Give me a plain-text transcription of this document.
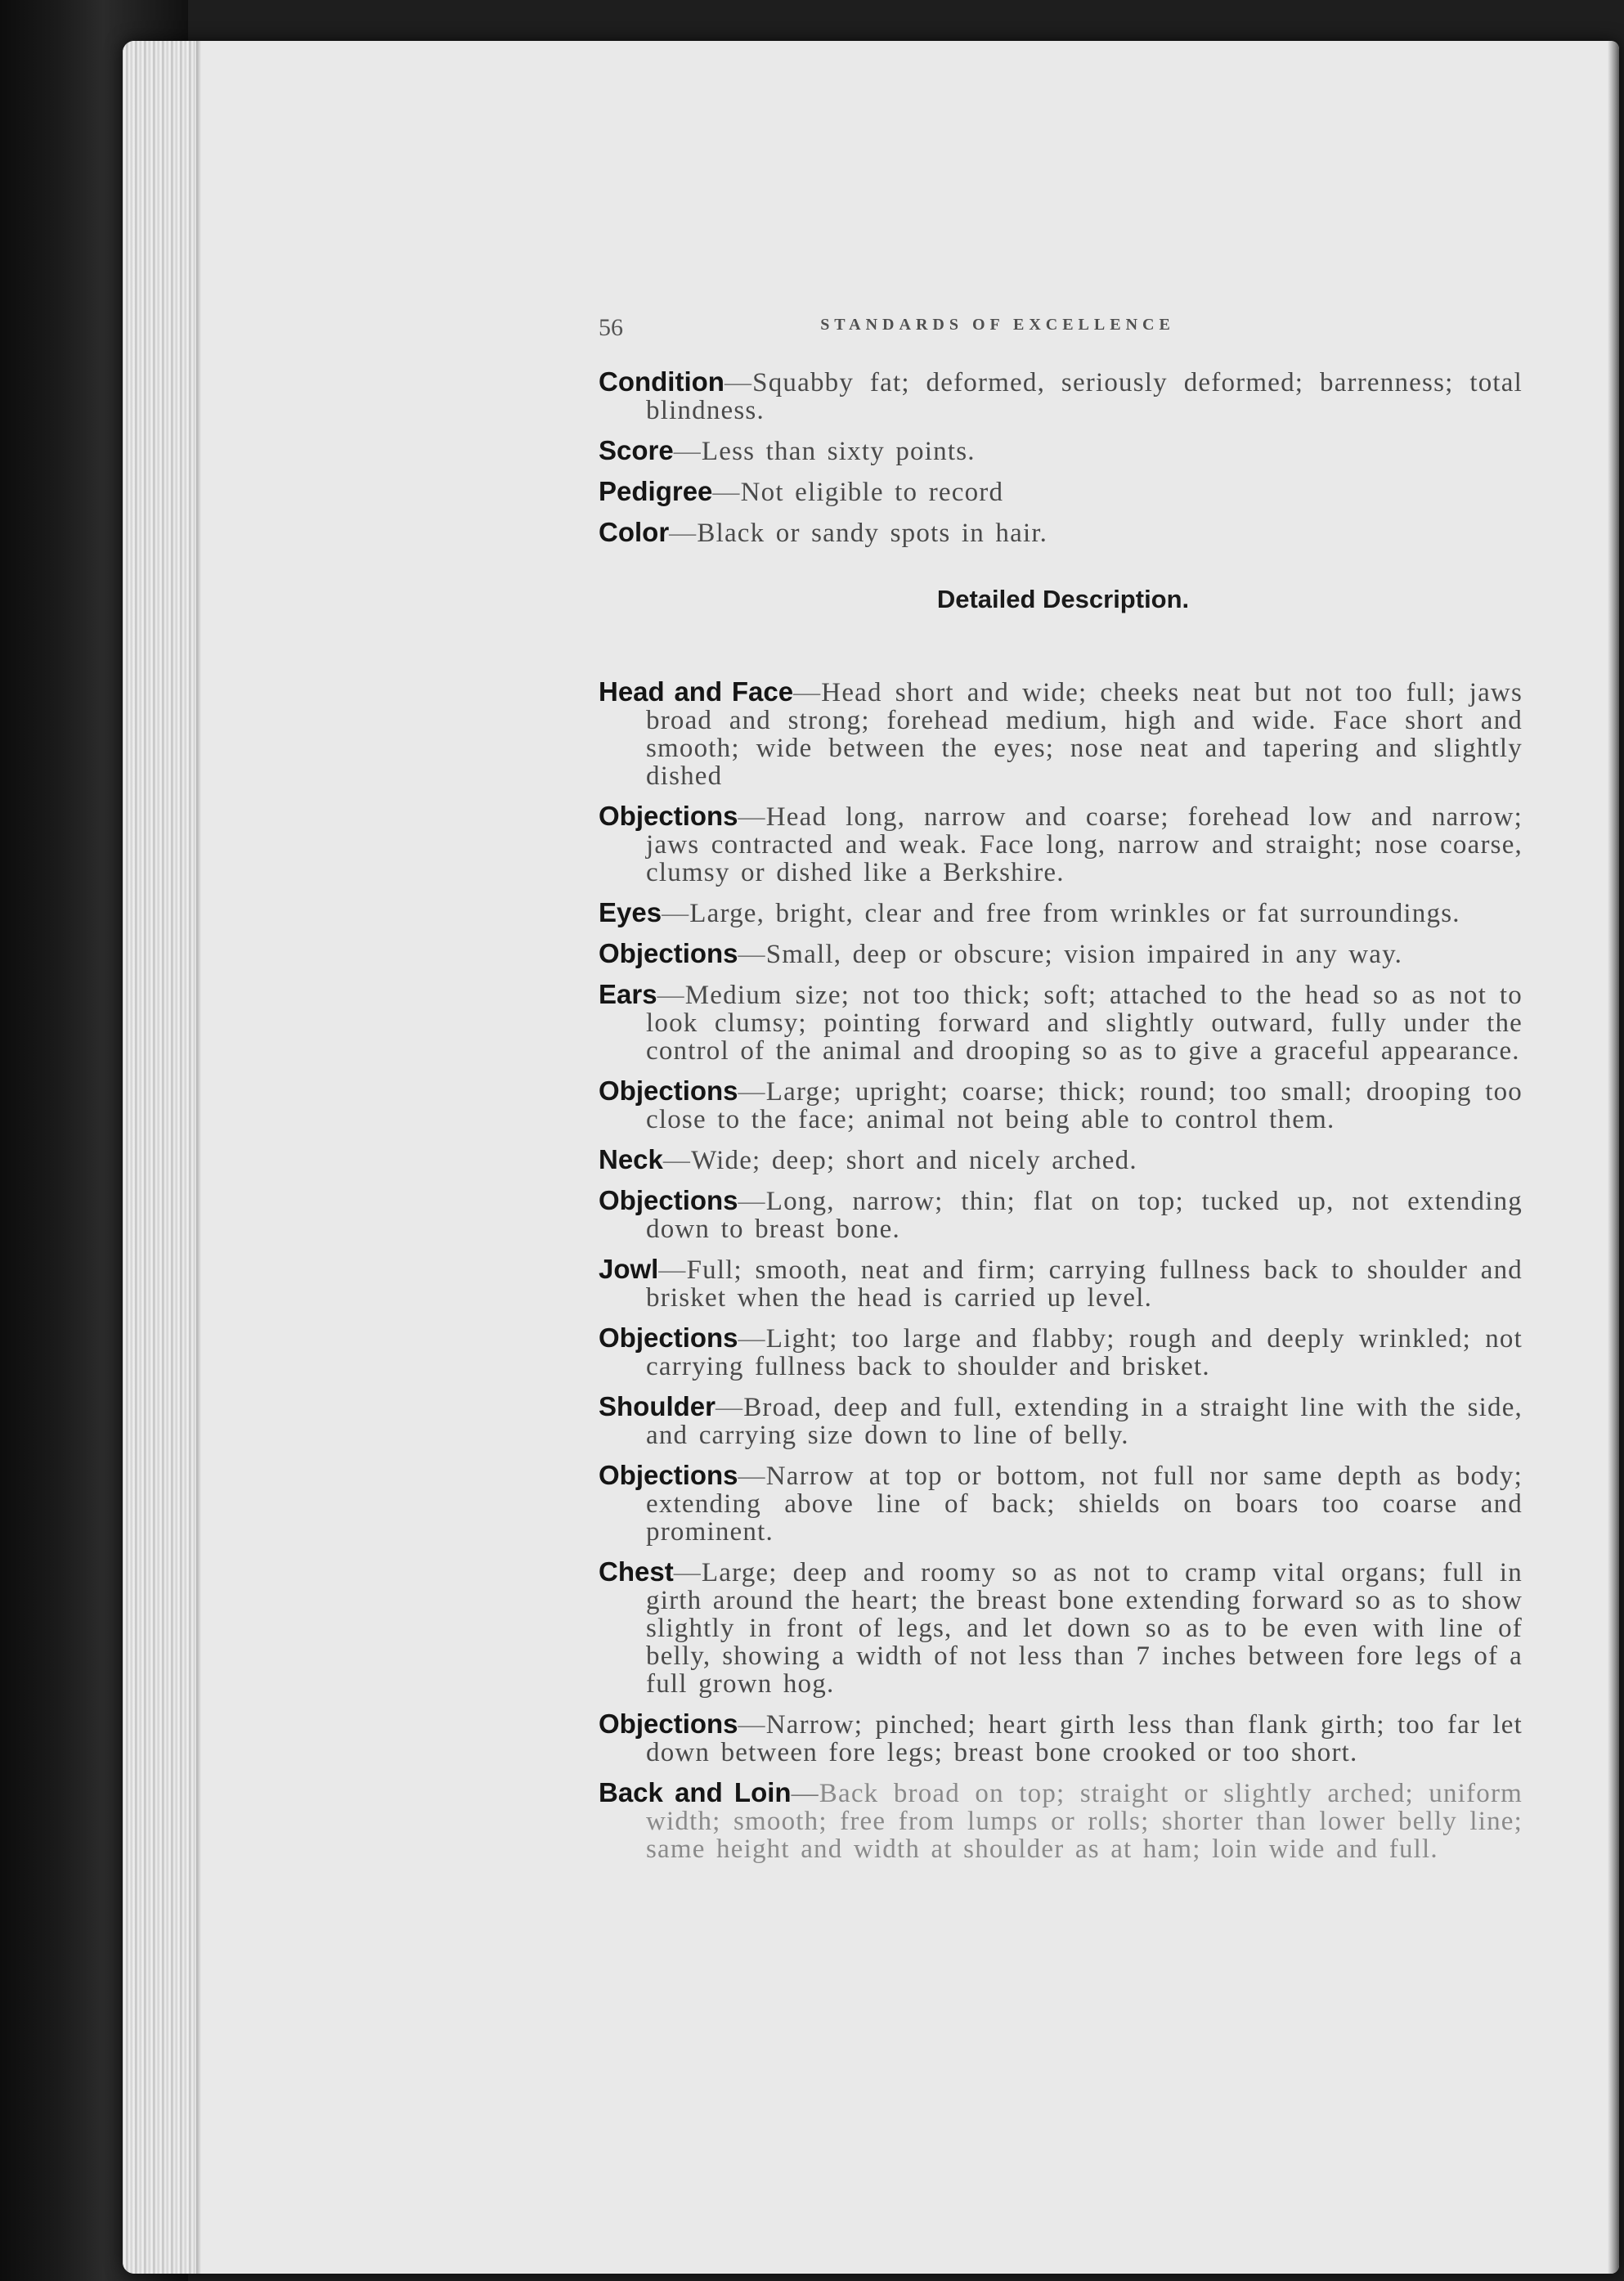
56	STANDARDS OF EXCELLENCE

Condition—Squabby fat; deformed, seriously deformed; barrenness; total blindness.

Score—Less than sixty points.

Pedigree—Not eligible to record

Color—Black or sandy spots in hair.

Detailed Description.

Head and Face—Head short and wide; cheeks neat but not too full; jaws broad and strong; forehead medium, high and wide. Face short and smooth; wide between the eyes; nose neat and tapering and slightly dished

Objections—Head long, narrow and coarse; forehead low and narrow; jaws contracted and weak. Face long, narrow and straight; nose coarse, clumsy or dished like a Berkshire.

Eyes—Large, bright, clear and free from wrinkles or fat surroundings.

Objections—Small, deep or obscure; vision impaired in any way.

Ears—Medium size; not too thick; soft; attached to the head so as not to look clumsy; pointing forward and slightly outward, fully under the control of the animal and drooping so as to give a graceful appearance.

Objections—Large; upright; coarse; thick; round; too small; drooping too close to the face; animal not being able to control them.

Neck—Wide; deep; short and nicely arched.

Objections—Long, narrow; thin; flat on top; tucked up, not extending down to breast bone.

Jowl—Full; smooth, neat and firm; carrying fullness back to shoulder and brisket when the head is carried up level.

Objections—Light; too large and flabby; rough and deeply wrinkled; not carrying fullness back to shoulder and brisket.

Shoulder—Broad, deep and full, extending in a straight line with the side, and carrying size down to line of belly.

Objections—Narrow at top or bottom, not full nor same depth as body; extending above line of back; shields on boars too coarse and prominent.

Chest—Large; deep and roomy so as not to cramp vital organs; full in girth around the heart; the breast bone extending forward so as to show slightly in front of legs, and let down so as to be even with line of belly, showing a width of not less than 7 inches between fore legs of a full grown hog.

Objections—Narrow; pinched; heart girth less than flank girth; too far let down between fore legs; breast bone crooked or too short.

Back and Loin—Back broad on top; straight or slightly arched; uniform width; smooth; free from lumps or rolls; shorter than lower belly line; same height and width at shoulder as at ham; loin wide and full.
